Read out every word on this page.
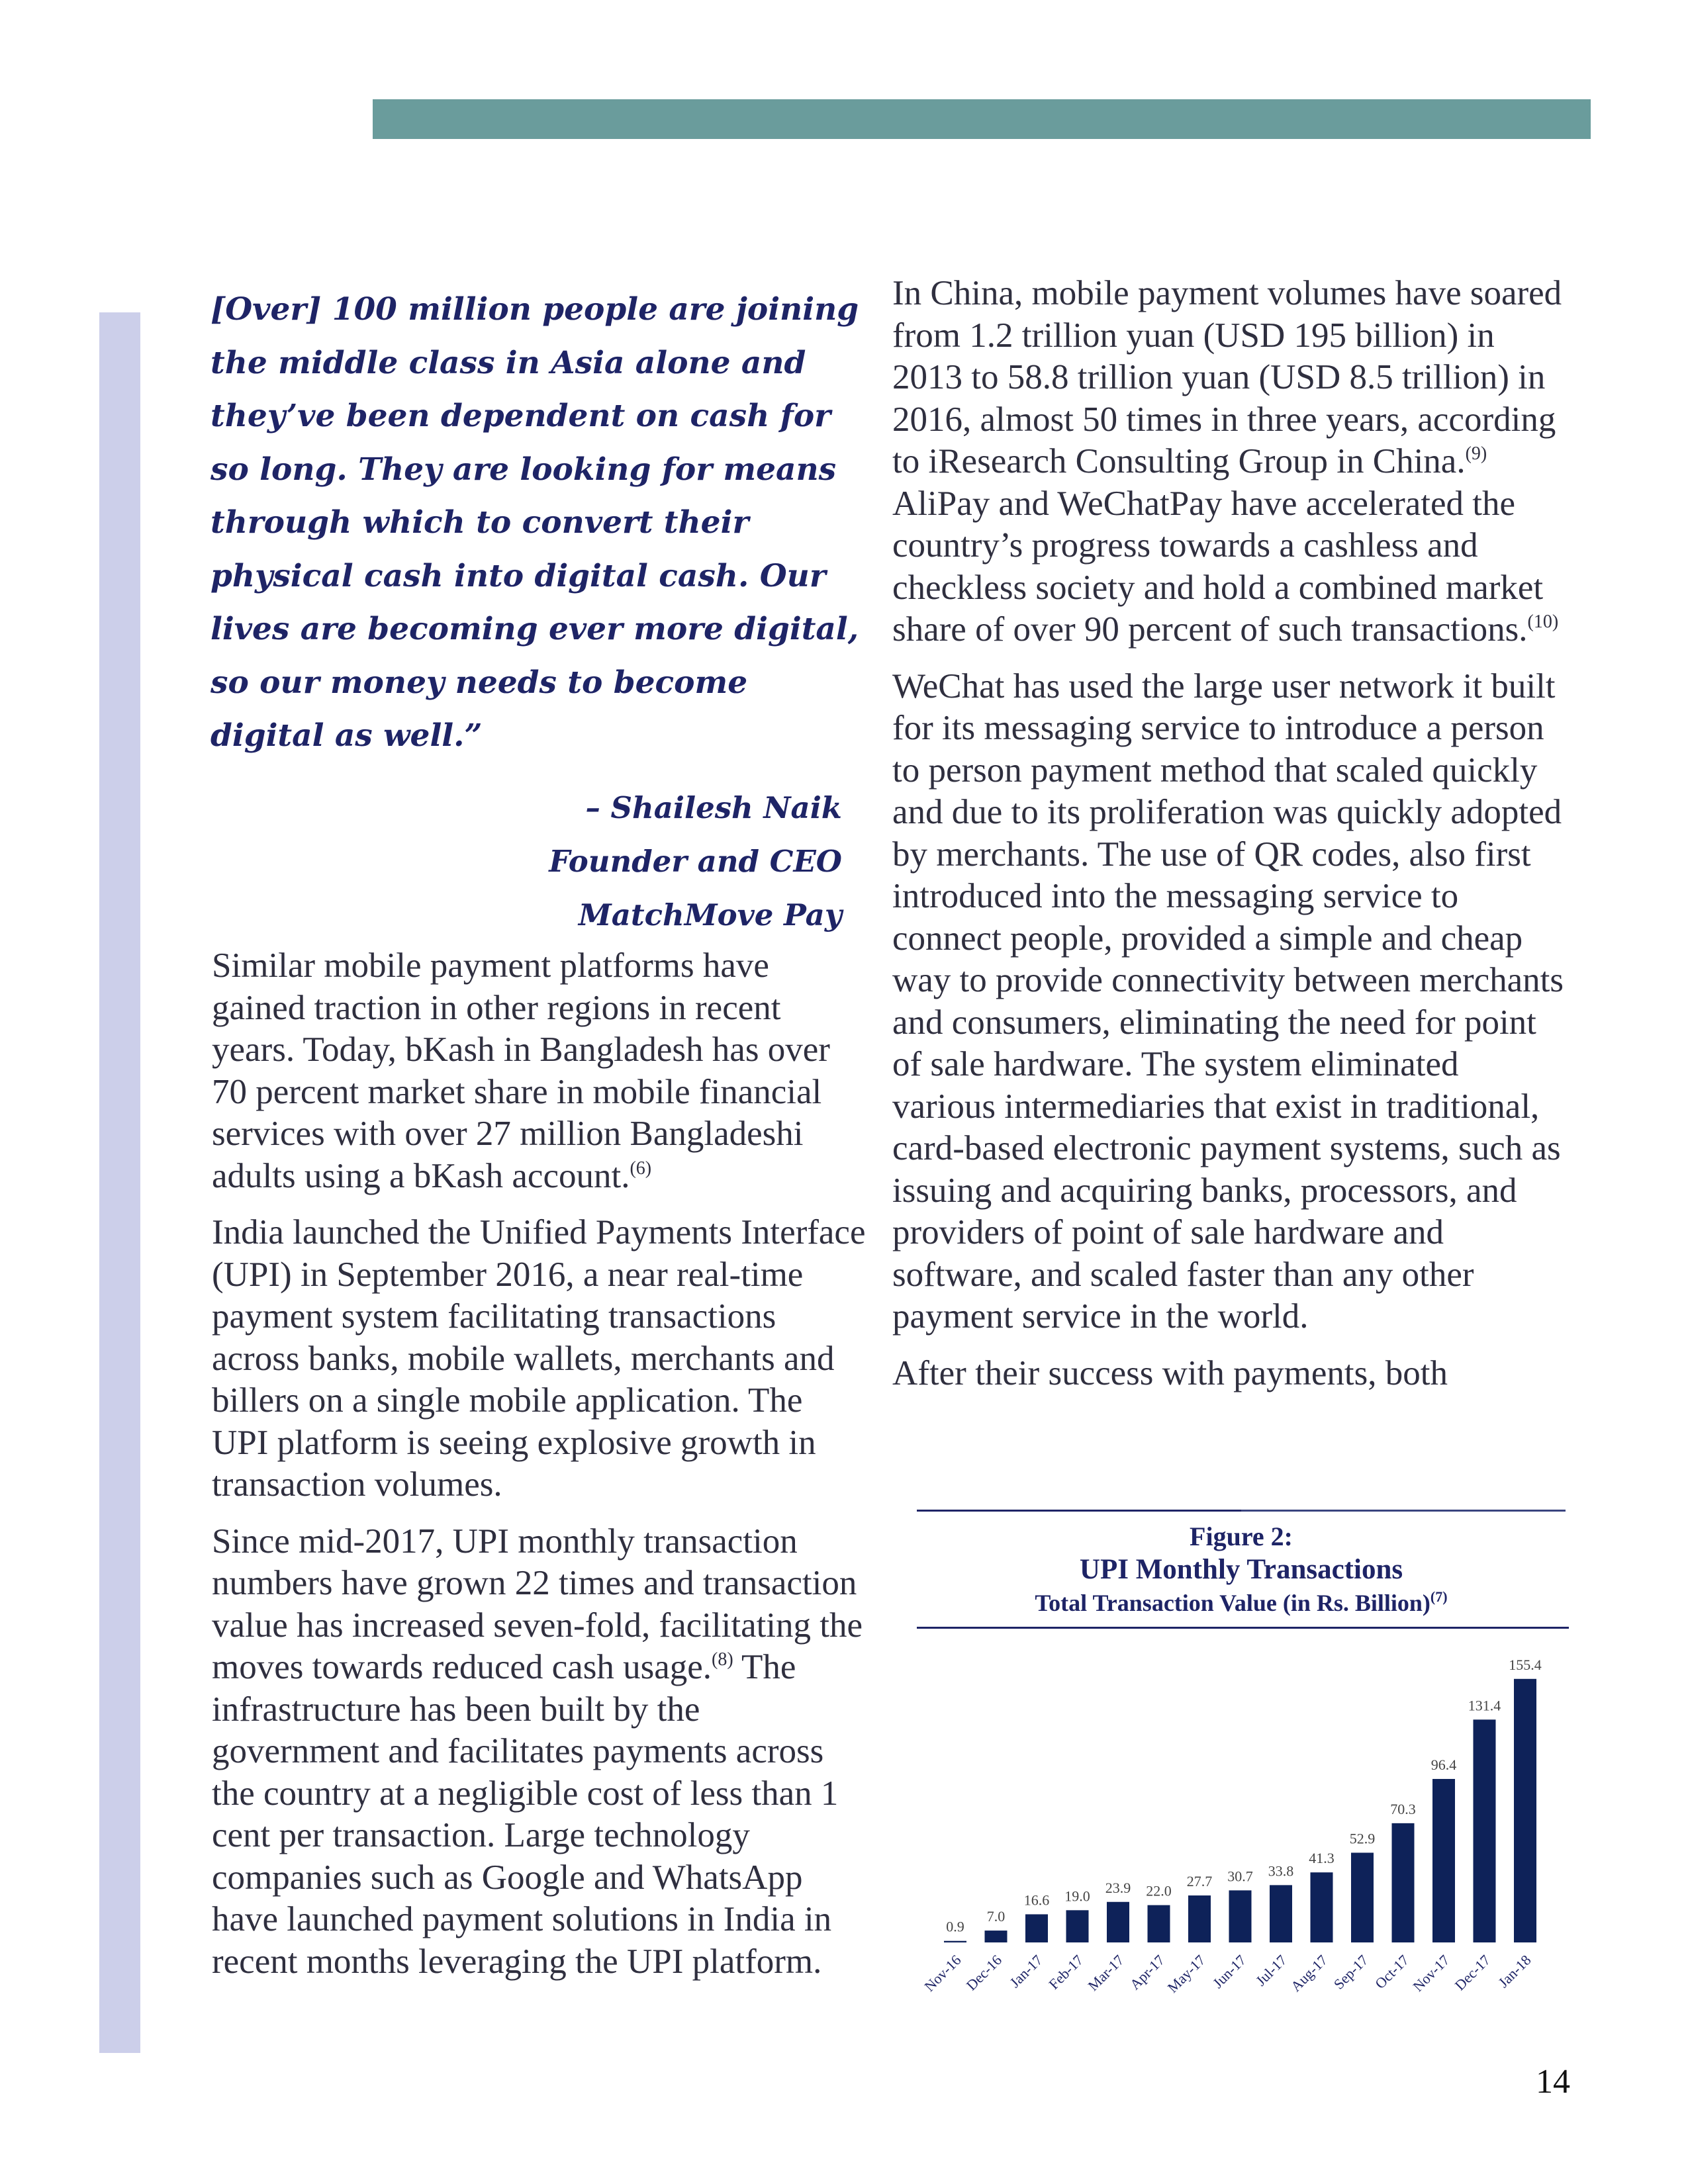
[Over] 100 million people are joining the middle class in Asia alone and they’ve been dependent on cash for so long. They are looking for means through which to convert their physical cash into digital cash. Our lives are becoming ever more digital, so our money needs to become digital as well.”

– Shailesh Naik
Founder and CEO
MatchMove Pay

Similar mobile payment platforms have gained traction in other regions in recent years. Today, bKash in Bangladesh has over 70 percent market share in mobile financial services with over 27 million Bangladeshi adults using a bKash account.$^{(6)}$

India launched the Unified Payments Interface (UPI) in September 2016, a near real-time payment system facilitating transactions across banks, mobile wallets, merchants and billers on a single mobile application. The UPI platform is seeing explosive growth in transaction volumes.

Since mid-2017, UPI monthly transaction numbers have grown 22 times and transaction value has increased seven-fold, facilitating the moves towards reduced cash usage.$^{(8)}$ The infrastructure has been built by the government and facilitates payments across the country at a negligible cost of less than 1 cent per transaction. Large technology companies such as Google and WhatsApp have launched payment solutions in India in recent months leveraging the UPI platform.

In China, mobile payment volumes have soared from 1.2 trillion yuan (USD 195 billion) in 2013 to 58.8 trillion yuan (USD 8.5 trillion) in 2016, almost 50 times in three years, according to iResearch Consulting Group in China.$^{(9)}$ AliPay and WeChatPay have accelerated the country’s progress towards a cashless and checkless society and hold a combined market share of over 90 percent of such transactions.$^{(10)}$

WeChat has used the large user network it built for its messaging service to introduce a person to person payment method that scaled quickly and due to its proliferation was quickly adopted by merchants. The use of QR codes, also first introduced into the messaging service to connect people, provided a simple and cheap way to provide connectivity between merchants and consumers, eliminating the need for point of sale hardware. The system eliminated various intermediaries that exist in traditional, card-based electronic payment systems, such as issuing and acquiring banks, processors, and providers of point of sale hardware and software, and scaled faster than any other payment service in the world.

After their success with payments, both

Figure 2:
UPI Monthly Transactions
Total Transaction Value (in Rs. Billion)$^{(7)}$
0.9
Nov-16
7.0
Dec-16
16.6
Jan-17
19.0
Feb-17
23.9
Mar-17
22.0
Apr-17
27.7
May-17
30.7
Jun-17
33.8
Jul-17
41.3
Aug-17
52.9
Sep-17
70.3
Oct-17
96.4
Nov-17
131.4
Dec-17
155.4
Jan-18
14
